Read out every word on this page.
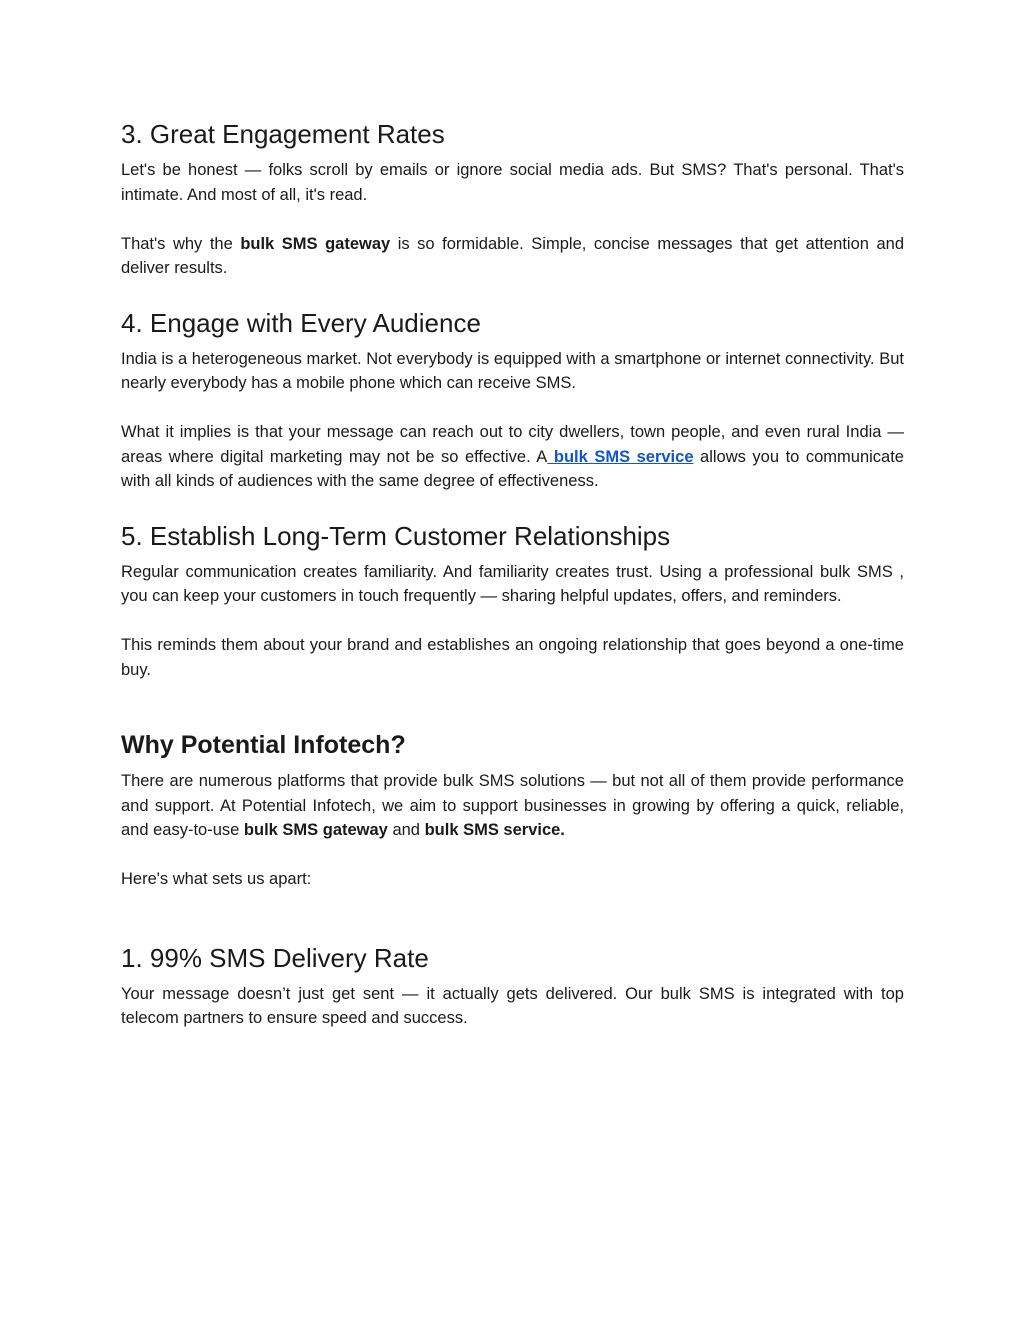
3. Great Engagement Rates

Let's be honest — folks scroll by emails or ignore social media ads. But SMS? That's personal. That's intimate. And most of all, it's read.

That's why the bulk SMS gateway is so formidable. Simple, concise messages that get attention and deliver results.

4. Engage with Every Audience

India is a heterogeneous market. Not everybody is equipped with a smartphone or internet connectivity. But nearly everybody has a mobile phone which can receive SMS.

What it implies is that your message can reach out to city dwellers, town people, and even rural India — areas where digital marketing may not be so effective. A bulk SMS service allows you to communicate with all kinds of audiences with the same degree of effectiveness.

5. Establish Long-Term Customer Relationships

Regular communication creates familiarity. And familiarity creates trust. Using a professional bulk SMS , you can keep your customers in touch frequently — sharing helpful updates, offers, and reminders.

This reminds them about your brand and establishes an ongoing relationship that goes beyond a one-time buy.

Why Potential Infotech?

There are numerous platforms that provide bulk SMS solutions — but not all of them provide performance and support. At Potential Infotech, we aim to support businesses in growing by offering a quick, reliable, and easy-to-use bulk SMS gateway and bulk SMS service.

Here's what sets us apart:

1. 99% SMS Delivery Rate

Your message doesn’t just get sent — it actually gets delivered. Our bulk SMS is integrated with top telecom partners to ensure speed and success.
